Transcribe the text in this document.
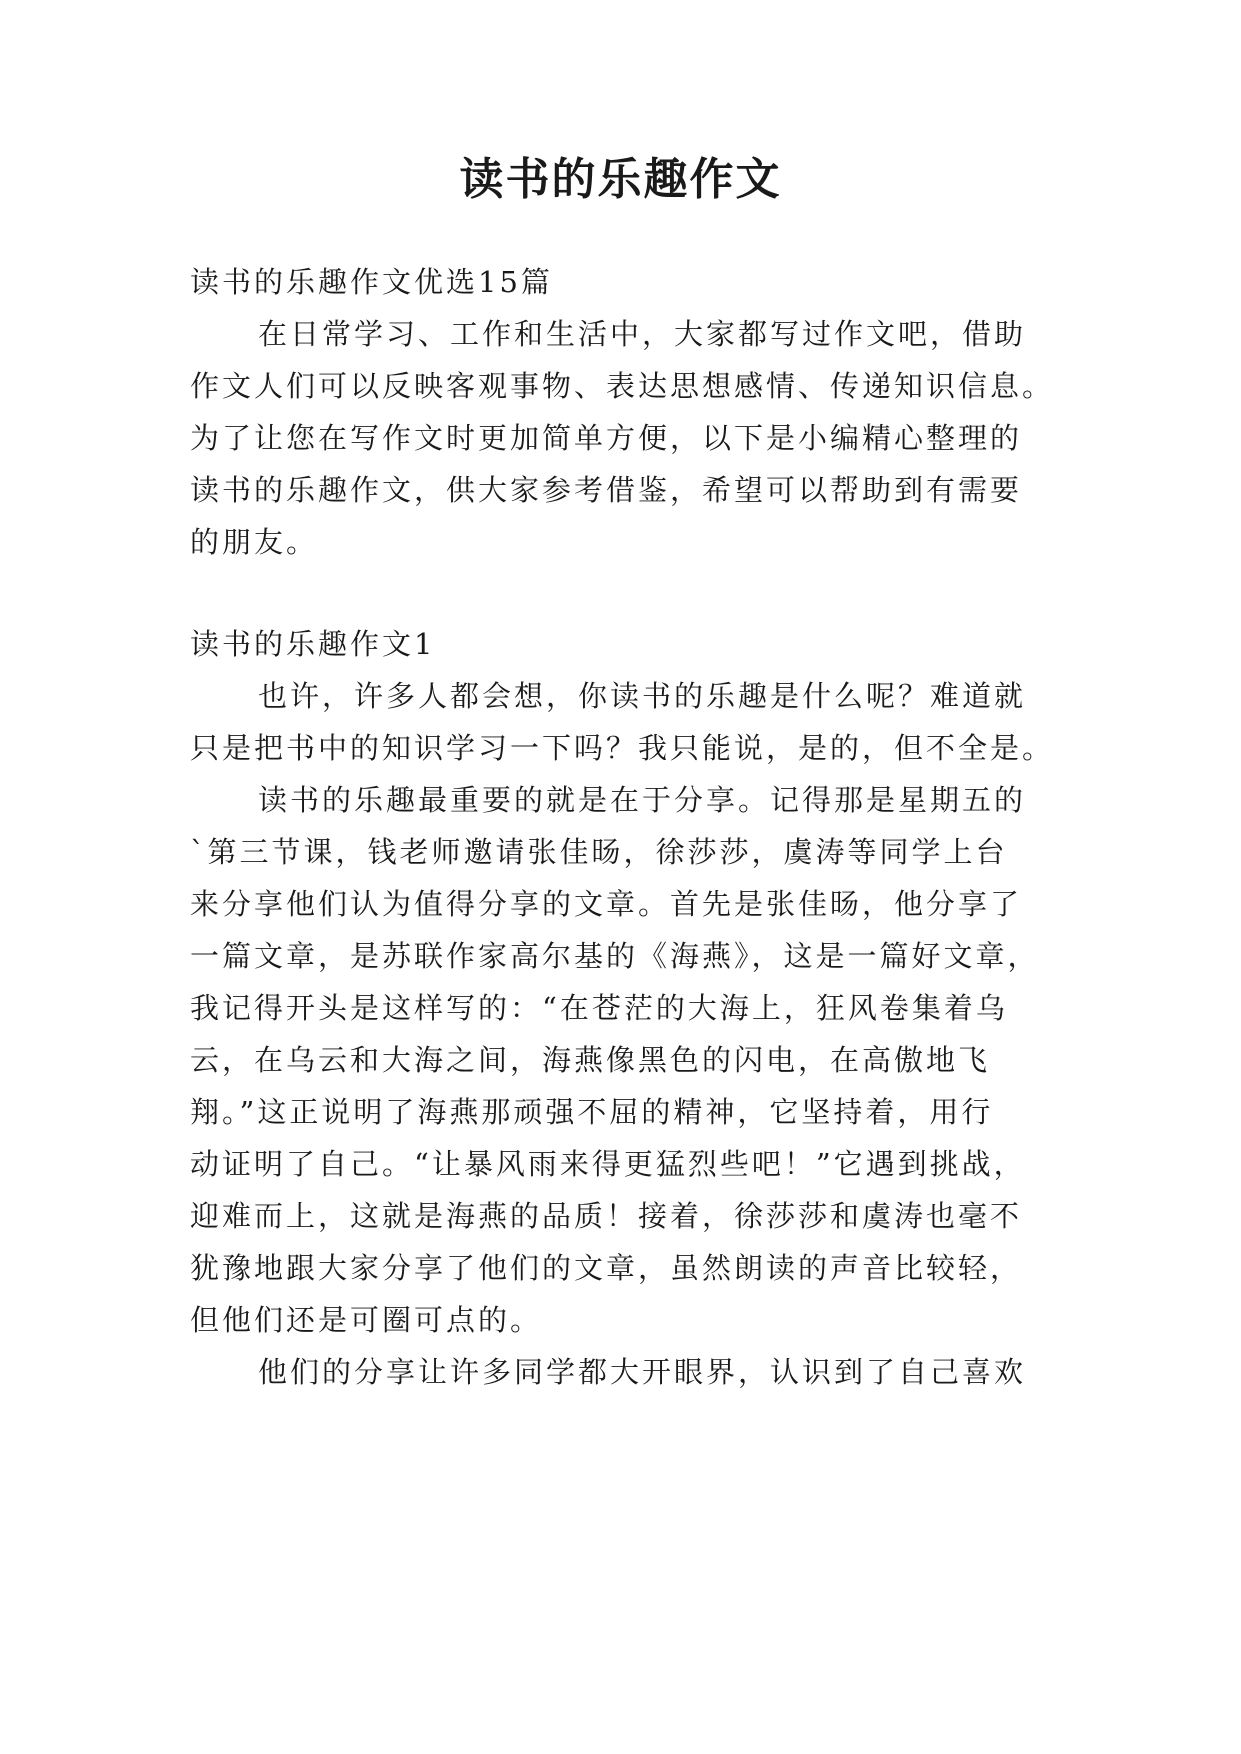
读书的乐趣作文
读书的乐趣作文优选15篇
在日常学习、工作和生活中，大家都写过作文吧，借助
作文人们可以反映客观事物、表达思想感情、传递知识信息。
为了让您在写作文时更加简单方便，以下是小编精心整理的
读书的乐趣作文，供大家参考借鉴，希望可以帮助到有需要
的朋友。
读书的乐趣作文1
也许，许多人都会想，你读书的乐趣是什么呢？难道就
只是把书中的知识学习一下吗？我只能说，是的，但不全是。
读书的乐趣最重要的就是在于分享。记得那是星期五的
`第三节课，钱老师邀请张佳旸，徐莎莎，虞涛等同学上台
来分享他们认为值得分享的文章。首先是张佳旸，他分享了
一篇文章，是苏联作家高尔基的《海燕》，这是一篇好文章，
我记得开头是这样写的：“在苍茫的大海上，狂风卷集着乌
云，在乌云和大海之间，海燕像黑色的闪电，在高傲地飞
翔。”这正说明了海燕那顽强不屈的精神，它坚持着，用行
动证明了自己。“让暴风雨来得更猛烈些吧！”它遇到挑战，
迎难而上，这就是海燕的品质！接着，徐莎莎和虞涛也毫不
犹豫地跟大家分享了他们的文章，虽然朗读的声音比较轻，
但他们还是可圈可点的。
他们的分享让许多同学都大开眼界，认识到了自己喜欢
